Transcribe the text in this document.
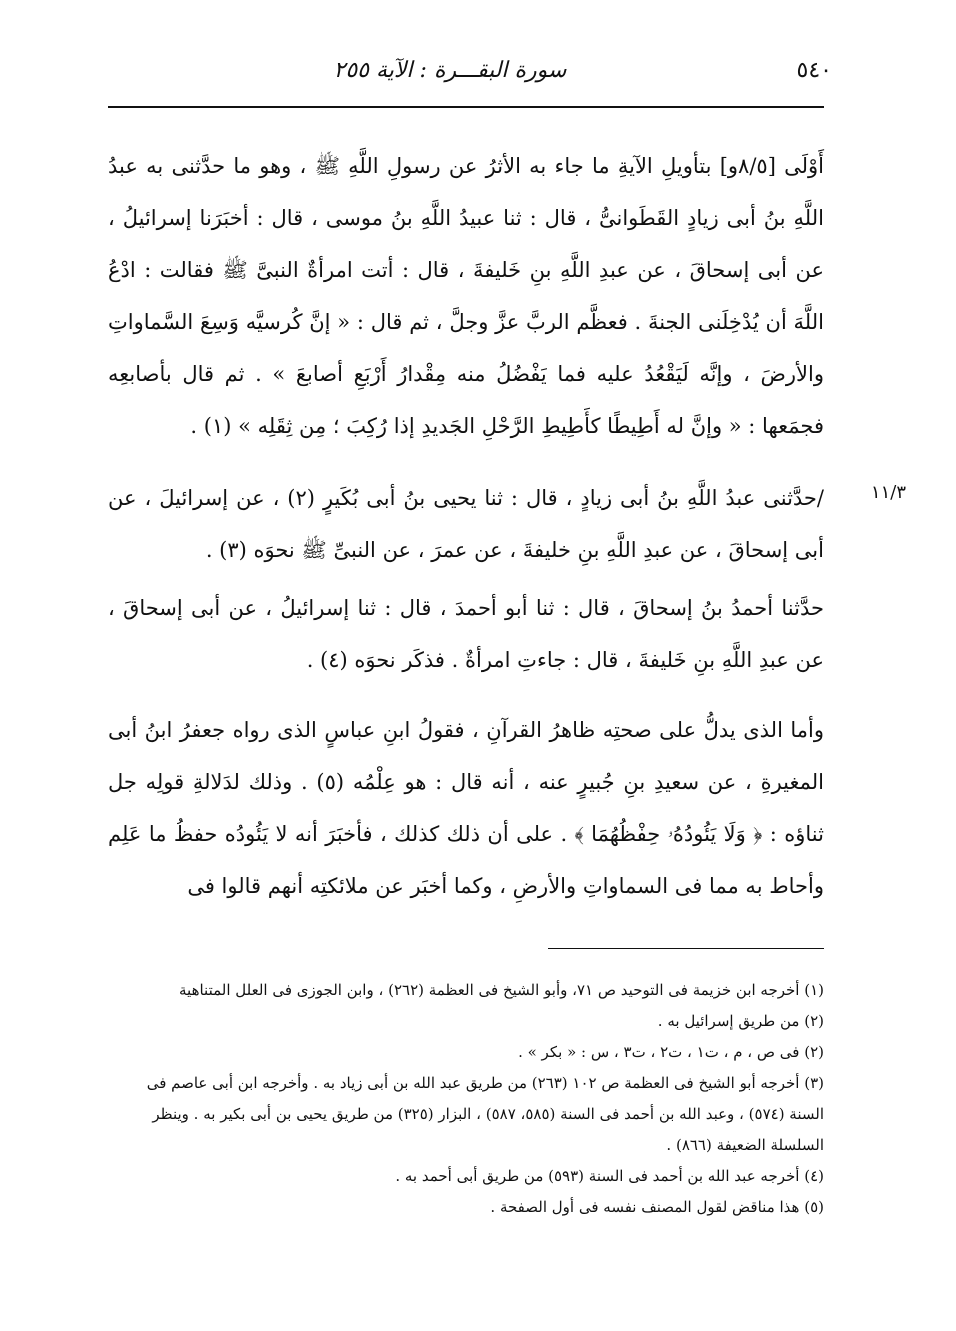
٥٤٠
سورة البقـــرة : الآية ٢٥٥
١١/٣

أَوْلَى [٨/٥و] بتأويلِ الآيةِ ما جاء به الأثرُ عن رسولِ اللَّهِ ﷺ ، وهو ما حدَّثنى به عبدُ اللَّهِ بنُ أبى زيادٍ القَطَوانىُّ ، قال : ثنا عبيدُ اللَّهِ بنُ موسى ، قال : أخبَرَنا إسرائيلُ ، عن أبى إسحاقَ ، عن عبدِ اللَّهِ بنِ خَليفةَ ، قال : أتت امرأةٌ النبىَّ ﷺ فقالت : ادْعُ اللَّهَ أن يُدْخِلَنى الجنةَ . فعظَّم الربَّ عزَّ وجلَّ ، ثم قال : « إنَّ كُرسيَّه وَسِعَ السَّماواتِ والأرضَ ، وإنَّه لَيَقْعُدُ عليه فما يَفْضُلُ منه مِقْدارُ أَرْبَعِ أصابعَ » . ثم قال بأصابعِه فجمَعها : « وإنَّ له أَطِيطًا كأَطِيطِ الرَّحْلِ الجَديدِ إذا رُكِبَ ؛ مِن ثِقَلِه » (١) .

/حدَّثنى عبدُ اللَّهِ بنُ أبى زيادٍ ، قال : ثنا يحيى بنُ أبى بُكَيرٍ (٢) ، عن إسرائيلَ ، عن أبى إسحاقَ ، عن عبدِ اللَّهِ بنِ خليفةَ ، عن عمرَ ، عن النبىِّ ﷺ نحوَه (٣) .

حدَّثنا أحمدُ بنُ إسحاقَ ، قال : ثنا أبو أحمدَ ، قال : ثنا إسرائيلُ ، عن أبى إسحاقَ ، عن عبدِ اللَّهِ بنِ خَليفةَ ، قال : جاءتِ امرأةٌ . فذكَر نحوَه (٤) .

وأما الذى يدلُّ على صحتِه ظاهرُ القرآنِ ، فقولُ ابنِ عباسٍ الذى رواه جعفرُ ابنُ أبى المغيرةِ ، عن سعيدِ بنِ جُبيرٍ عنه ، أنه قال : هو عِلْمُه (٥) . وذلك لدَلالةِ قولِه جل ثناؤه : ﴿ وَلَا يَئُودُهُۥ حِفْظُهُمَا ﴾ . على أن ذلك كذلك ، فأخبَرَ أنه لا يَئُودُه حفظُ ما عَلِم وأحاط به مما فى السماواتِ والأرضِ ، وكما أخبَر عن ملائكتِه أنهم قالوا فى

(١) أخرجه ابن خزيمة فى التوحيد ص ٧١، وأبو الشيخ فى العظمة (٢٦٢) ، وابن الجوزى فى العلل المتناهية

(٢) من طريق إسرائيل به .

(٢) فى ص ، م ، ت١ ، ت٢ ، ت٣ ، س : « بكر » .

(٣) أخرجه أبو الشيخ فى العظمة ص ١٠٢ (٢٦٣) من طريق عبد الله بن أبى زياد به . وأخرجه ابن أبى عاصم فى السنة (٥٧٤) ، وعبد الله بن أحمد فى السنة (٥٨٥، ٥٨٧) ، البزار (٣٢٥) من طريق يحيى بن أبى بكير به . وينظر السلسلة الضعيفة (٨٦٦) .

(٤) أخرجه عبد الله بن أحمد فى السنة (٥٩٣) من طريق أبى أحمد به .

(٥) هذا مناقض لقول المصنف نفسه فى أول الصفحة .
